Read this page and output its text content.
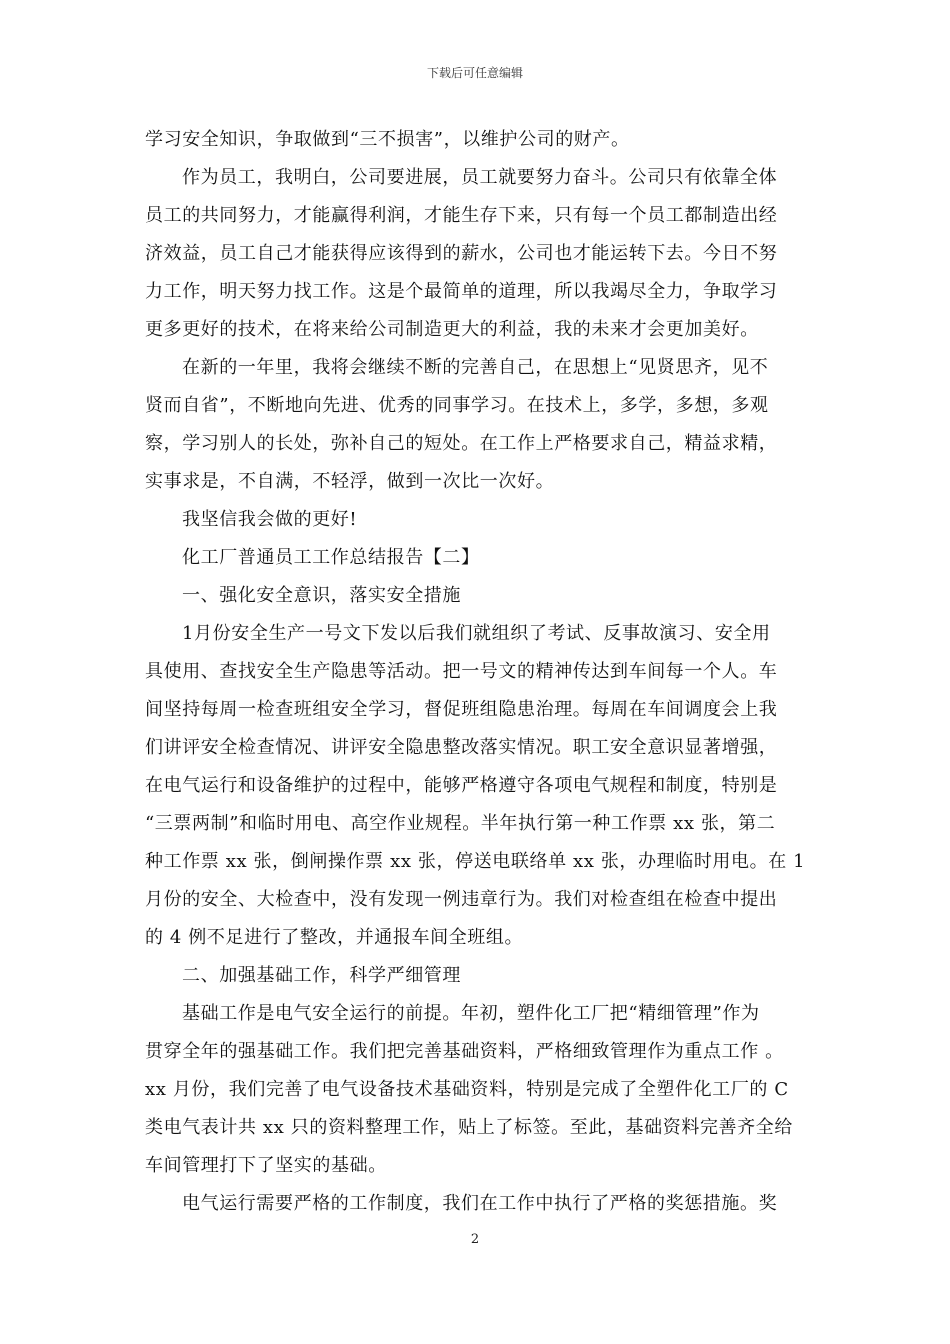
下载后可任意编辑
学习安全知识，争取做到“三不损害”，以维护公司的财产。
作为员工，我明白，公司要进展，员工就要努力奋斗。公司只有依靠全体
员工的共同努力，才能赢得利润，才能生存下来，只有每一个员工都制造出经
济效益，员工自己才能获得应该得到的薪水，公司也才能运转下去。今日不努
力工作，明天努力找工作。这是个最简单的道理，所以我竭尽全力，争取学习
更多更好的技术，在将来给公司制造更大的利益，我的未来才会更加美好。
在新的一年里，我将会继续不断的完善自己，在思想上“见贤思齐，见不
贤而自省”，不断地向先进、优秀的同事学习。在技术上，多学，多想，多观
察，学习别人的长处，弥补自己的短处。在工作上严格要求自己，精益求精，
实事求是，不自满，不轻浮，做到一次比一次好。
我坚信我会做的更好!
化工厂普通员工工作总结报告【二】
一、强化安全意识，落实安全措施
1月份安全生产一号文下发以后我们就组织了考试、反事故演习、安全用
具使用、查找安全生产隐患等活动。把一号文的精神传达到车间每一个人。车
间坚持每周一检查班组安全学习，督促班组隐患治理。每周在车间调度会上我
们讲评安全检查情况、讲评安全隐患整改落实情况。职工安全意识显著增强，
在电气运行和设备维护的过程中，能够严格遵守各项电气规程和制度，特别是
“三票两制”和临时用电、高空作业规程。半年执行第一种工作票 xx 张，第二
种工作票 xx 张，倒闸操作票 xx 张，停送电联络单 xx 张，办理临时用电。在 1
月份的安全、大检查中，没有发现一例违章行为。我们对检查组在检查中提出
的 4 例不足进行了整改，并通报车间全班组。
二、加强基础工作，科学严细管理
基础工作是电气安全运行的前提。年初，塑件化工厂把“精细管理”作为
贯穿全年的强基础工作。我们把完善基础资料，严格细致管理作为重点工作 。
xx 月份，我们完善了电气设备技术基础资料，特别是完成了全塑件化工厂的 C
类电气表计共 xx 只的资料整理工作，贴上了标签。至此，基础资料完善齐全给
车间管理打下了坚实的基础。
电气运行需要严格的工作制度，我们在工作中执行了严格的奖惩措施。奖
2
